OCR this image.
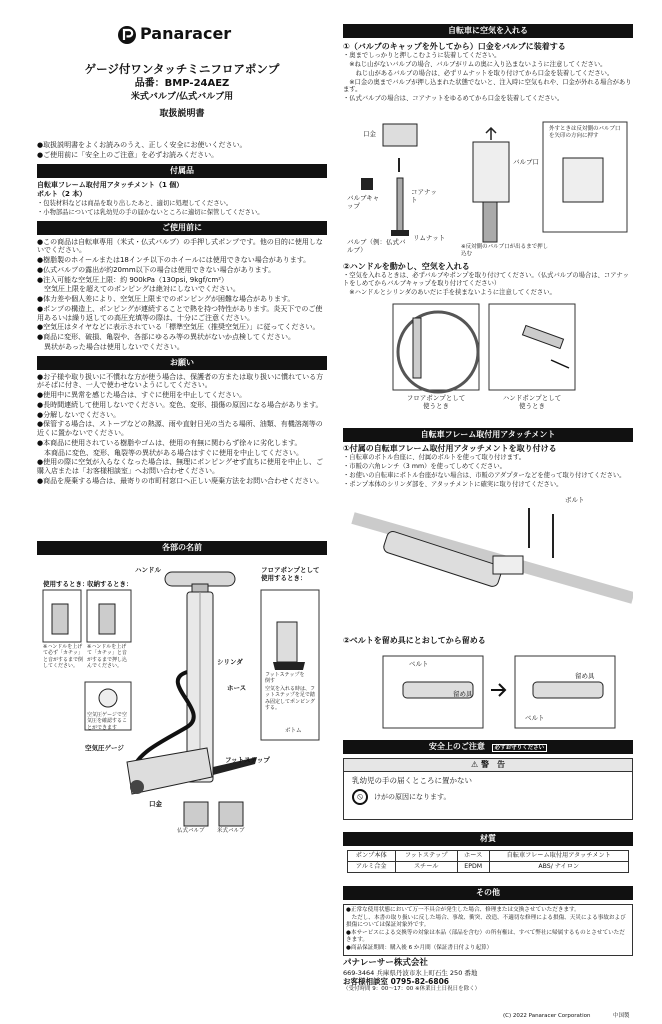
Panaracer
ゲージ付ワンタッチミニフロアポンプ
品番：BMP-24AEZ
米式バルブ/仏式バルブ用
取扱説明書
●取扱説明書をよくお読みのうえ、正しく安全にお使いください。
●ご使用前に「安全上のご注意」を必ずお読みください。
付属品
自転車フレーム取付用アタッチメント（1 個）
ボルト（2 本）
・包装材料などは商品を取り出したあと、適切に処理してください。
・小物部品については乳幼児の手の届かないところに適切に保管してください。
ご使用前に
●この商品は自転車専用（米式・仏式バルブ）の手押し式ポンプです。他の目的に使用しないでください。
●樹脂製のホイールまたは18インチ以下のホイールには使用できない場合があります。
●仏式バルブの露出が約20mm以下の場合は使用できない場合があります。
●注入可能な空気圧上限：約 900kPa（130psi, 9kgf/cm²）
　空気圧上限を超えてのポンピングは絶対にしないでください。
●体力差や個人差により、空気圧上限までのポンピングが困難な場合があります。
●ポンプの構造上、ポンピングが連続することで熱を持つ特性があります。炎天下でのご使用あるいは繰り返しての高圧充填等の際は、十分にご注意ください。
●空気圧はタイヤなどに表示されている「標準空気圧（推奨空気圧）」に従ってください。
●商品に変形、破損、亀裂や、各部にゆるみ等の異状がないか点検してください。
　異状があった場合は使用しないでください。
お願い
●お子様や取り扱いに不慣れな方が使う場合は、保護者の方または取り扱いに慣れている方がそばに付き、一人で使わせないようにしてください。
●使用中に異常を感じた場合は、すぐに使用を中止してください。
●長時間連続して使用しないでください。変色、変形、損傷の原因になる場合があります。
●分解しないでください。
●保管する場合は、ストーブなどの熱源、雨や直射日光の当たる場所、油類、有機溶剤等の近くに置かないでください。
●本商品に使用されている樹脂やゴムは、使用の有無に関わらず徐々に劣化します。
　本商品に変色、変形、亀裂等の異状がある場合はすぐに使用を中止してください。
●使用の際に空気が入らなくなった場合は、無理にポンピングせず直ちに使用を中止し、ご購入店または「お客様相談室」へお問い合わせください。
●商品を廃棄する場合は、最寄りの市町村窓口へ正しい廃棄方法をお問い合わせください。
各部の名前
使用するとき：
収納するとき：
ハンドル
※ハンドルを上げて必ず「カチッ」と音がするまで倒してください。
※ハンドルを上げて「カチッ」と音がするまで押し込んでください。	シリンダ
ホース
空気圧ゲージで空気圧を確認することができます
空気圧ゲージ
フットステップ
口金
フロアポンプとして使用するとき：
フットステップを倒す
空気を入れる時は、フットステップを足で踏み固定してポンピングする。
ボトム
仏式バルブ 米式バルブ
自転車に空気を入れる
①（バルブのキャップを外してから）口金をバルブに装着する
・奥までしっかりと押しこむように装着してください。
　※ねじ山がないバルブの場合、バルブがリムの奥に入り込まないように注意してください。
　　ねじ山があるバルブの場合は、必ずリムナットを取り付けてから口金を装着してください。
　※口金の奥までバルブが押し込まれた状態でないと、注入時に空気もれや、口金が外れる場合があります。
・仏式バルブの場合は、コアナットをゆるめてから口金を装着してください。
口金
バルブキャップ
コアナット
リムナット
バルブ（例：仏式バルブ）
バルブ口
※反対側のバルブ口が出るまで押し込む
外すときは反対側のバルブ口を矢印の方向に押す
②ハンドルを動かし、空気を入れる
・空気を入れるときは、必ずバルブやポンプを取り付けてください。（仏式バルブの場合は、コアナットをしめてからバルブキャップを取り付けてください）
　※ハンドルとシリンダのあいだに手を挟まないように注意してください。
フロアポンプとして使うとき
ハンドポンプとして使うとき
自転車フレーム取付用アタッチメント
①付属の自転車フレーム取付用アタッチメントを取り付ける
・自転車のボトル台座に、付属のボルトを使って取り付けます。
・市販の六角レンチ（3 mm）を使ってしめてください。
・お使いの自転車にボトル台座がない場合は、市販のアダプターなどを使って取り付けてください。
・ポンプ本体のシリンダ部を、アタッチメントに確実に取り付けてください。
ボルト
②ベルトを留め具にとおしてから留める
ベルト
留め具
留め具
ベルト
安全上のご注意 必ずお守りください
⚠ 警　告
乳幼児の手の届くところに置かない
⦸	けがの原因になります。
材質
ポンプ本体	フットステップ	ホース	自転車フレーム取付用アタッチメント
アルミ合金	スチール	EPDM	ABS/ ナイロン
その他
●正常な使用状態において万一不具合が発生した場合、修理または交換させていただきます。
　ただし、本書の取り扱いに反した場合、事故、衝突、改造、不適切な修理による損傷、天災による事故および損傷については保証対象外です。
●本サービスによる交換等の対象は本品（部品を含む）の所有権は、すべて弊社に帰属するものとさせていただきます。
●商品保証期間：購入後 6 か月間（保証書日付より起算）
パナレーサー株式会社
669-3464 兵庫県丹波市氷上町石生 250 番地
お客様相談室 0795-82-6806
（受付時間 9：00〜17：00 ※休業日土日祝日を除く）
(C) 2022 Panaracer Corporation	中国製
